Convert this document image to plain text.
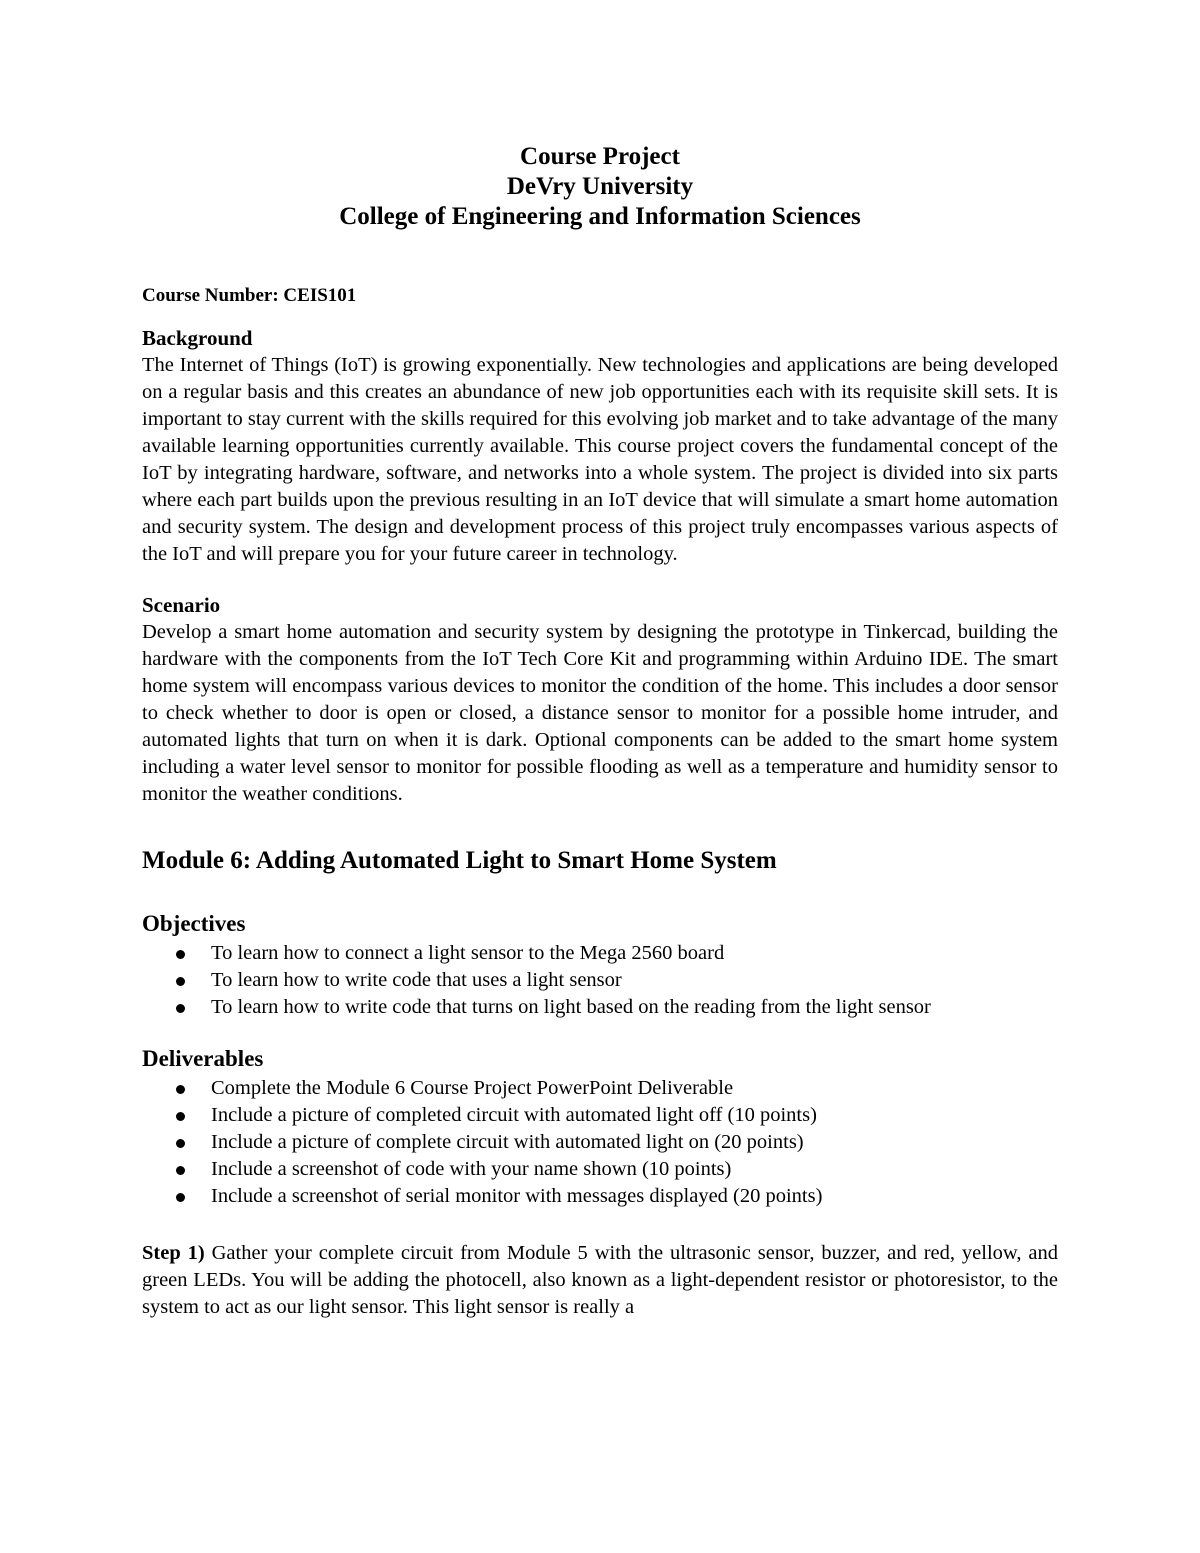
Course Project
DeVry University
College of Engineering and Information Sciences
Course Number: CEIS101
Background
The Internet of Things (IoT) is growing exponentially. New technologies and applications are being developed on a regular basis and this creates an abundance of new job opportunities each with its requisite skill sets. It is important to stay current with the skills required for this evolving job market and to take advantage of the many available learning opportunities currently available. This course project covers the fundamental concept of the IoT by integrating hardware, software, and networks into a whole system. The project is divided into six parts where each part builds upon the previous resulting in an IoT device that will simulate a smart home automation and security system. The design and development process of this project truly encompasses various aspects of the IoT and will prepare you for your future career in technology.
Scenario
Develop a smart home automation and security system by designing the prototype in Tinkercad, building the hardware with the components from the IoT Tech Core Kit and programming within Arduino IDE. The smart home system will encompass various devices to monitor the condition of the home. This includes a door sensor to check whether to door is open or closed, a distance sensor to monitor for a possible home intruder, and automated lights that turn on when it is dark. Optional components can be added to the smart home system including a water level sensor to monitor for possible flooding as well as a temperature and humidity sensor to monitor the weather conditions.
Module 6: Adding Automated Light to Smart Home System
Objectives
To learn how to connect a light sensor to the Mega 2560 board
To learn how to write code that uses a light sensor
To learn how to write code that turns on light based on the reading from the light sensor
Deliverables
Complete the Module 6 Course Project PowerPoint Deliverable
Include a picture of completed circuit with automated light off (10 points)
Include a picture of complete circuit with automated light on (20 points)
Include a screenshot of code with your name shown (10 points)
Include a screenshot of serial monitor with messages displayed (20 points)
Step 1) Gather your complete circuit from Module 5 with the ultrasonic sensor, buzzer, and red, yellow, and green LEDs. You will be adding the photocell, also known as a light-dependent resistor or photoresistor, to the system to act as our light sensor. This light sensor is really a
